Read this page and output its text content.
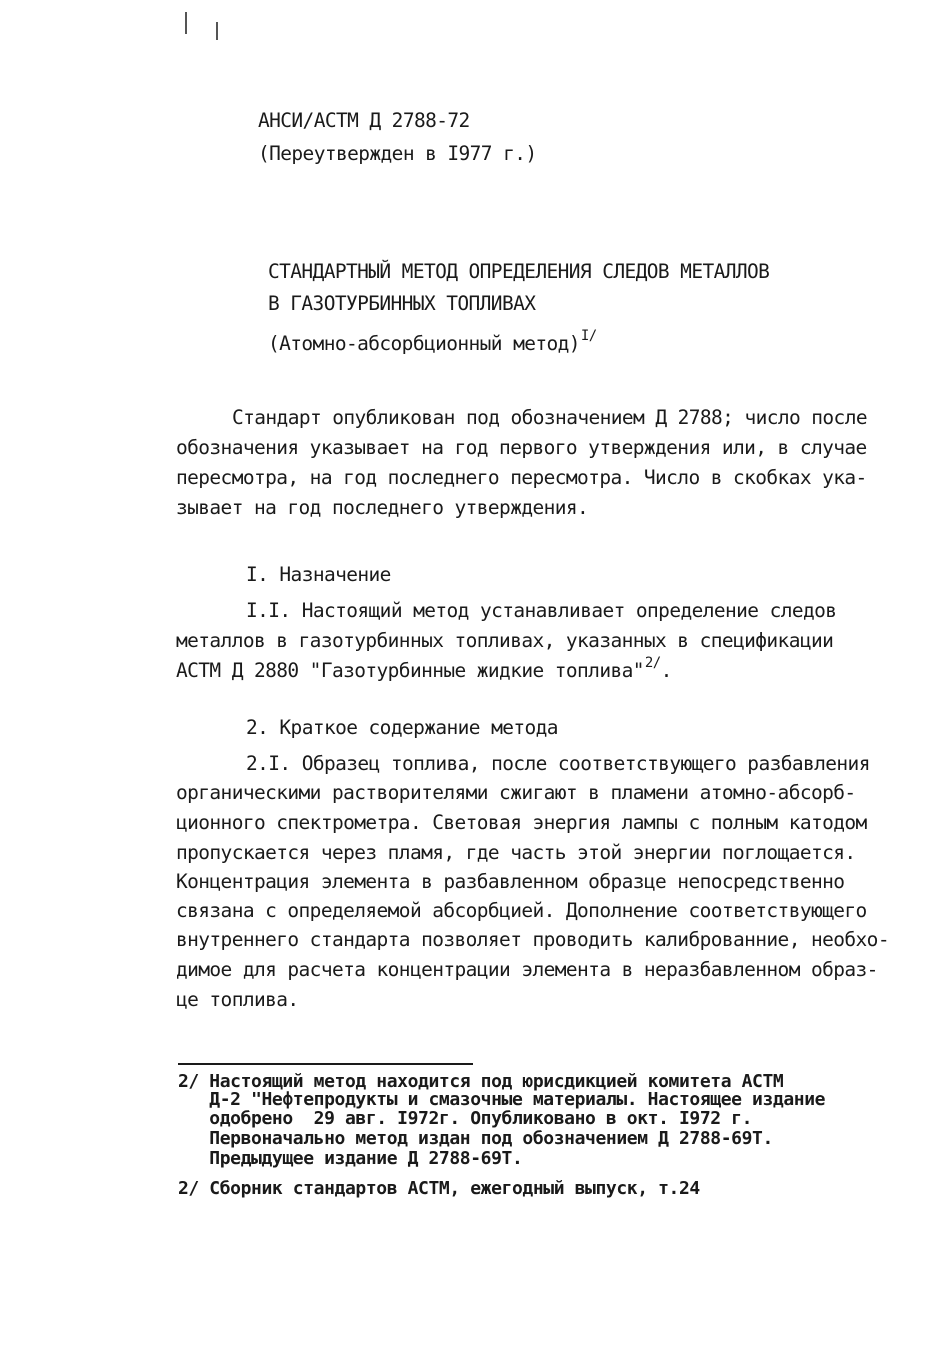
АНСИ/АСТМ Д 2788-72
(Переутвержден в I977 г.)
СТАНДАРТНЫЙ МЕТОД ОПРЕДЕЛЕНИЯ СЛЕДОВ МЕТАЛЛОВ
В ГАЗОТУРБИННЫХ ТОПЛИВАХ
(Атомно-абсорбционный метод)$^{I/}$
Стандарт опубликован под обозначением Д 2788; число после
обозначения указывает на год первого утверждения или, в случае
пересмотра, на год последнего пересмотра. Число в скобках ука-
зывает на год последнего утверждения.
I. Назначение
I.I. Настоящий метод устанавливает определение следов
металлов в газотурбинных топливах, указанных в спецификации
АСТМ Д 2880 "Газотурбинные жидкие топлива"$^{2/}$.
2. Краткое содержание метода
2.I. Образец топлива, после соответствующего разбавления
органическими растворителями сжигают в пламени атомно-абсорб-
ционного спектрометра. Световая энергия лампы с полным катодом
пропускается через пламя, где часть этой энергии поглощается.
Концентрация элемента в разбавленном образце непосредственно
связана с определяемой абсорбцией. Дополнение соответствующего
внутреннего стандарта позволяет проводить калиброванние, необхо-
димое для расчета концентрации элемента в неразбавленном образ-
це топлива.
2/ Настоящий метод находится под юрисдикцией комитета АСТМ
Д-2 "Нефтепродукты и смазочные материалы. Настоящее издание
одобрено  29 авг. I972г. Опубликовано в окт. I972 г.
Первоначально метод издан под обозначением Д 2788-69Т.
Предыдущее издание Д 2788-69Т.
2/ Сборник стандартов АСТМ, ежегодный выпуск, т.24
